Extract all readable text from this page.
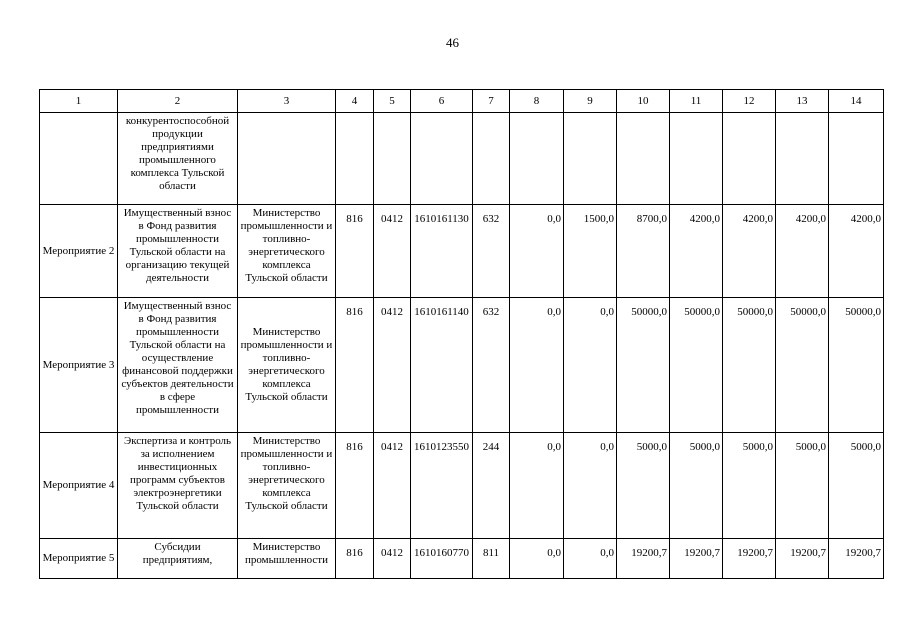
46
1	2	3	4	5	6	7	8	9	10	11	12	13	14
	конкурентоспособной продукции предприятиями промышленного комплекса Тульской области												
Мероприятие 2	Имущественный взнос в Фонд развития промышленности Тульской области на организацию текущей деятельности	Министерство промышленности и топливно-энергетического комплекса Тульской области	816	0412	1610161130	632	0,0	1500,0	8700,0	4200,0	4200,0	4200,0	4200,0
Мероприятие 3	Имущественный взнос в Фонд развития промышленности Тульской области на осуществление финансовой поддержки субъектов деятельности в сфере промышленности	Министерство промышленности и топливно-энергетического комплекса Тульской области	816	0412	1610161140	632	0,0	0,0	50000,0	50000,0	50000,0	50000,0	50000,0
Мероприятие 4	Экспертиза и контроль за исполнением инвестиционных программ субъектов электроэнергетики Тульской области	Министерство промышленности и топливно-энергетического комплекса Тульской области	816	0412	1610123550	244	0,0	0,0	5000,0	5000,0	5000,0	5000,0	5000,0
Мероприятие 5	Субсидии предприятиям,	Министерство промышленности	816	0412	1610160770	811	0,0	0,0	19200,7	19200,7	19200,7	19200,7	19200,7
